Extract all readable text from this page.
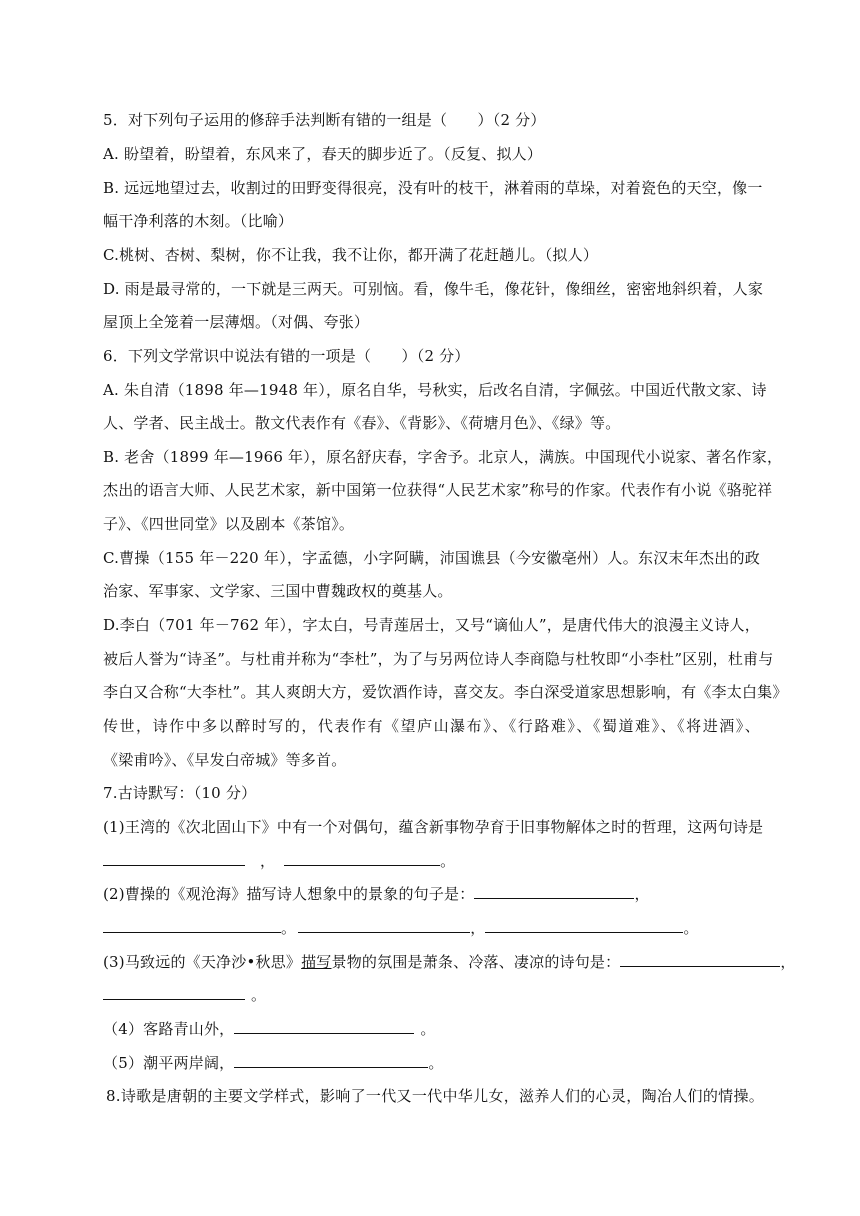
5．对下列句子运用的修辞手法判断有错的一组是（　　）（2 分）
A. 盼望着，盼望着，东风来了，春天的脚步近了。（反复、拟人）
B. 远远地望过去，收割过的田野变得很亮，没有叶的枝干，淋着雨的草垛，对着瓷色的天空，像一
幅干净利落的木刻。（比喻）
C.桃树、杏树、梨树，你不让我，我不让你，都开满了花赶趟儿。（拟人）
D. 雨是最寻常的，一下就是三两天。可别恼。看，像牛毛，像花针，像细丝，密密地斜织着，人家
屋顶上全笼着一层薄烟。（对偶、夸张）
6．下列文学常识中说法有错的一项是（　　）（2 分）
A. 朱自清（1898 年—1948 年），原名自华，号秋实，后改名自清，字佩弦。中国近代散文家、诗
人、学者、民主战士。散文代表作有《春》、《背影》、《荷塘月色》、《绿》等。
B. 老舍（1899 年—1966 年），原名舒庆春，字舍予。北京人，满族。中国现代小说家、著名作家，
杰出的语言大师、人民艺术家，新中国第一位获得“人民艺术家”称号的作家。代表作有小说《骆驼祥
子》、《四世同堂》以及剧本《茶馆》。
C.曹操（155 年－220 年），字孟德，小字阿瞒，沛国谯县（今安徽亳州）人。东汉末年杰出的政
治家、军事家、文学家、三国中曹魏政权的奠基人。
D.李白（701 年－762 年），字太白，号青莲居士，又号“谪仙人”，是唐代伟大的浪漫主义诗人，
被后人誉为“诗圣”。与杜甫并称为“李杜”，为了与另两位诗人李商隐与杜牧即“小李杜”区别，杜甫与
李白又合称“大李杜”。其人爽朗大方，爱饮酒作诗，喜交友。李白深受道家思想影响，有《李太白集》
传世，诗作中多以醉时写的，代表作有《望庐山瀑布》、《行路难》、《蜀道难》、《将进酒》、
《梁甫吟》、《早发白帝城》等多首。
7.古诗默写：（10 分）
(1)王湾的《次北固山下》中有一个对偶句，蕴含新事物孕育于旧事物解体之时的哲理，这两句诗是
，	。
(2)曹操的《观沧海》描写诗人想象中的景象的句子是：	，
。	，	。
(3)马致远的《天净沙•秋思》描写景物的氛围是萧条、冷落、凄凉的诗句是：	，
。
（4）客路青山外，	。
（5）潮平两岸阔，	。
8.诗歌是唐朝的主要文学样式，影响了一代又一代中华儿女，滋养人们的心灵，陶冶人们的情操。
